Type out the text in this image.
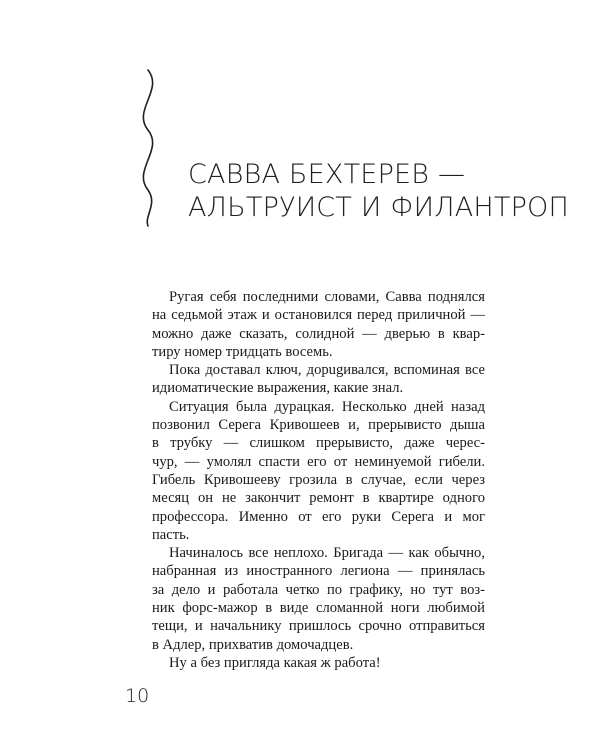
САВВА БЕХТЕРЕВ —
АЛЬТРУИСТ И ФИЛАНТРОП
Ругая себя последними словами, Савва поднялся
на седьмой этаж и остановился перед приличной —
можно даже сказать, солидной — дверью в квар-
тиру номер тридцать восемь.
Пока доставал ключ, дорugивался, вспоминая все
идиоматические выражения, какие знал.
Ситуация была дурацкая. Несколько дней назад
позвонил Серега Кривошеев и, прерывисто дыша
в трубку — слишком прерывисто, даже черес-
чур, — умолял спасти его от неминуемой гибели.
Гибель Кривошееву грозила в случае, если через
месяц он не закончит ремонт в квартире одного
профессора. Именно от его руки Серега и мог
пасть.
Начиналось все неплохо. Бригада — как обычно,
набранная из иностранного легиона — принялась
за дело и работала четко по графику, но тут воз-
ник форс-мажор в виде сломанной ноги любимой
тещи, и начальнику пришлось срочно отправиться
в Адлер, прихватив домочадцев.
Ну а без пригляда какая ж работа!
10
